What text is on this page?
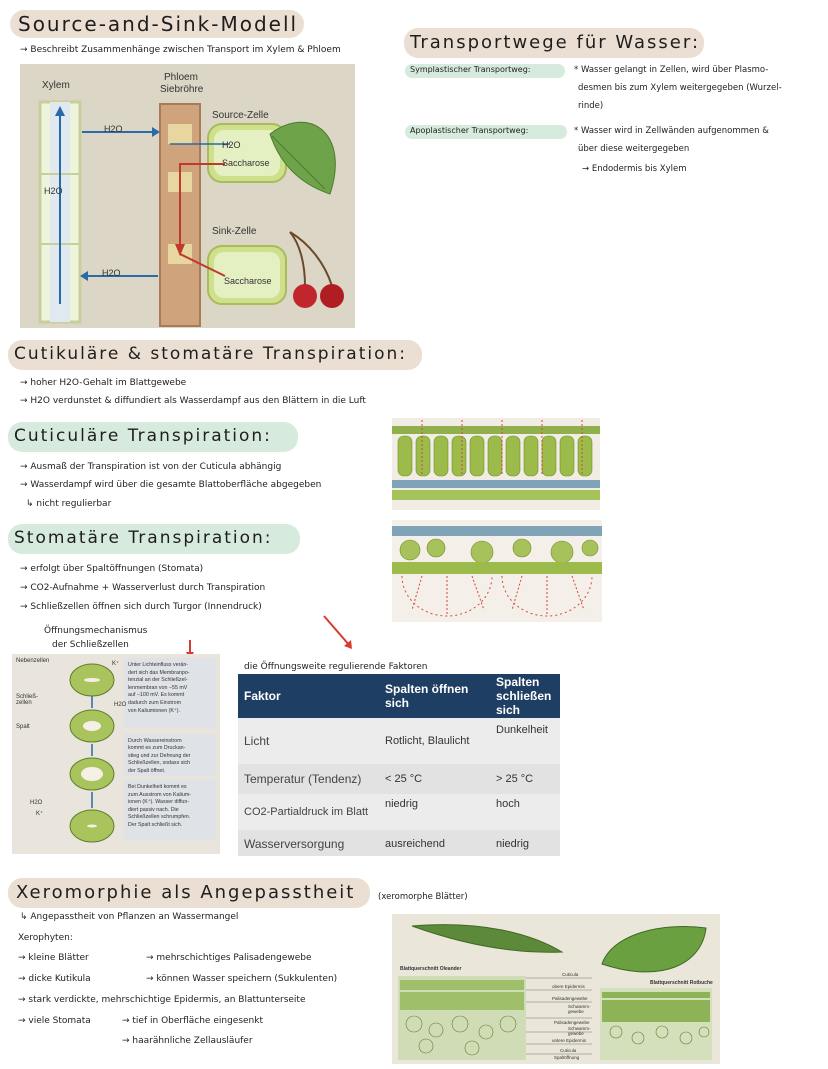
Source-and-Sink-Modell
→ Beschreibt Zusammenhänge zwischen Transport im Xylem & Phloem
Xylem
Phloem
Siebröhre
Source-Zelle
Sink-Zelle
H2O
H2O
H2O
H2O
Saccharose
Saccharose
Transportwege für Wasser:
Symplastischer Transportweg:	* Wasser gelangt in Zellen, wird über Plasmo-
desmen bis zum Xylem weitergegeben (Wurzel-
rinde)
Apoplastischer Transportweg:	* Wasser wird in Zellwänden aufgenommen &
über diese weitergegeben
→ Endodermis bis Xylem
Cutikuläre & stomatäre Transpiration:
→ hoher H2O-Gehalt im Blattgewebe
→ H2O verdunstet & diffundiert als Wasserdampf aus den Blättern in die Luft
Cuticuläre Transpiration:
→ Ausmaß der Transpiration ist von der Cuticula abhängig
→ Wasserdampf wird über die gesamte Blattoberfläche abgegeben
↳ nicht regulierbar
Stomatäre Transpiration:
→ erfolgt über Spaltöffnungen (Stomata)
→ CO2-Aufnahme + Wasserverlust durch Transpiration
→ Schließzellen öffnen sich durch Turgor (Innendruck)
Öffnungsmechanismus
der Schließzellen
Nebenzellen
Schließ-
zellen
Spalt
K⁺
H2O
H2O
K⁺
Unter Lichteinfluss verän-
dert sich das Membranpo-
tenzial an der Schließzel-
lenmembran von −55 mV
auf −100 mV. Es kommt
dadurch zum Einstrom
von Kaliumionen (K⁺).
Durch Wassereinstrom
kommt es zum Druckan-
stieg und zur Dehnung der
Schließzellen, sodass sich
der Spalt öffnet.
Bei Dunkelheit kommt es
zum Ausstrom von Kalium-
ionen (K⁺). Wasser diffun-
diert passiv nach. Die
Schließzellen schrumpfen.
Der Spalt schließt sich.
die Öffnungsweite regulierende Faktoren
Faktor	Spalten öffnen sich	Spalten schließen sich
Licht	Rotlicht, Blaulicht	Dunkelheit
Temperatur (Tendenz)	< 25 °C	> 25 °C
CO2-Partialdruck im Blatt	niedrig	hoch
Wasserversorgung	ausreichend	niedrig
Xeromorphie als Angepasstheit	(xeromorphe Blätter)
↳ Angepasstheit von Pflanzen an Wassermangel
Xerophyten:
→ kleine Blätter	→ mehrschichtiges Palisadengewebe
→ dicke Kutikula	→ können Wasser speichern (Sukkulenten)
→ stark verdickte, mehrschichtige Epidermis, an Blattunterseite
→ viele Stomata	→ tief in Oberfläche eingesenkt
→ haarähnliche Zellausläufer
Blattquerschnitt Oleander
Blattquerschnitt Rotbuche
Cuticula
obere Epidermis
Palisadengewebe
Schwamm-
gewebe
Palisadengewebe
Schwamm-
gewebe
untere Epidermis
Cuticula
Spaltöffnung
